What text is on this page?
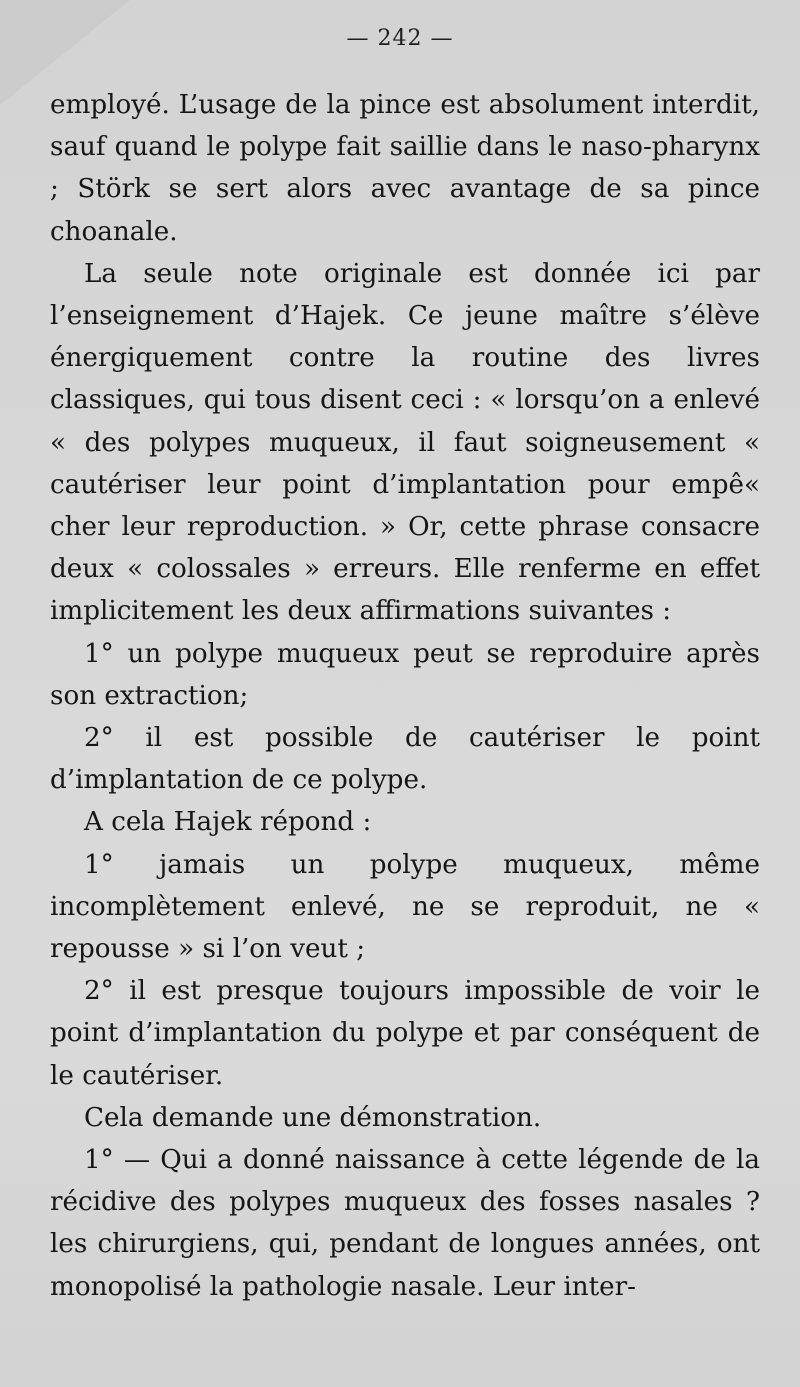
— 242 —

employé. L’usage de la pince est absolument interdit, sauf quand le polype fait saillie dans le naso-pharynx ; Störk se sert alors avec avantage de sa pince choanale.

La seule note originale est donnée ici par l’enseignement d’Hajek. Ce jeune maître s’élève énergiquement contre la routine des livres classiques, qui tous disent ceci : « lorsqu’on a enlevé « des polypes muqueux, il faut soigneusement « cautériser leur point d’implantation pour empê« cher leur reproduction. » Or, cette phrase consacre deux « colossales » erreurs. Elle renferme en effet implicitement les deux affirmations suivantes :

1° un polype muqueux peut se reproduire après son extraction;

2° il est possible de cautériser le point d’implantation de ce polype.

A cela Hajek répond :

1° jamais un polype muqueux, même incomplètement enlevé, ne se reproduit, ne « repousse » si l’on veut ;

2° il est presque toujours impossible de voir le point d’implantation du polype et par conséquent de le cautériser.

Cela demande une démonstration.

1° — Qui a donné naissance à cette légende de la récidive des polypes muqueux des fosses nasales ? les chirurgiens, qui, pendant de longues années, ont monopolisé la pathologie nasale. Leur inter-
